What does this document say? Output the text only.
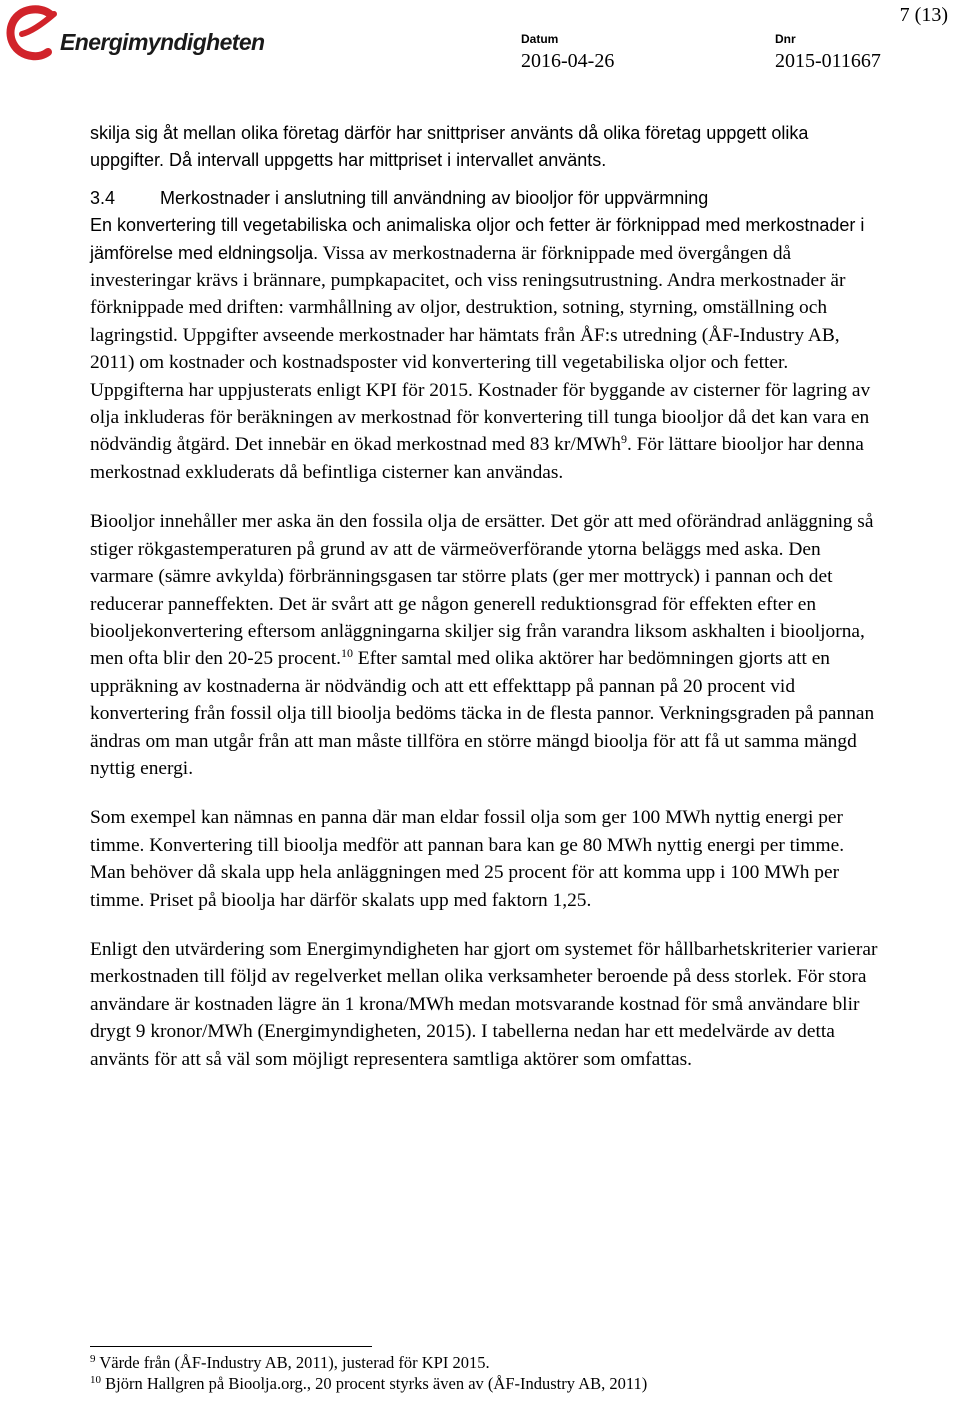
Energimyndigheten	Datum
2016-04-26
Dnr
2015-011667
7 (13)

skilja sig åt mellan olika företag därför har snittpriser använts då olika företag uppgett olika uppgifter. Då intervall uppgetts har mittpriset i intervallet använts.

3.4	Merkostnader i anslutning till användning av biooljor för uppvärmning

En konvertering till vegetabiliska och animaliska oljor och fetter är förknippad med merkostnader i jämförelse med eldningsolja. Vissa av merkostnaderna är förknippade med övergången då investeringar krävs i brännare, pumpkapacitet, och viss reningsutrustning. Andra merkostnader är förknippade med driften: varmhållning av oljor, destruktion, sotning, styrning, omställning och lagringstid. Uppgifter avseende merkostnader har hämtats från ÅF:s utredning (ÅF-Industry AB, 2011) om kostnader och kostnadsposter vid konvertering till vegetabiliska oljor och fetter. Uppgifterna har uppjusterats enligt KPI för 2015. Kostnader för byggande av cisterner för lagring av olja inkluderas för beräkningen av merkostnad för konvertering till tunga biooljor då det kan vara en nödvändig åtgärd. Det innebär en ökad merkostnad med 83 kr/MWh$^9$. För lättare biooljor har denna merkostnad exkluderats då befintliga cisterner kan användas.

Biooljor innehåller mer aska än den fossila olja de ersätter. Det gör att med oförändrad anläggning så stiger rökgastemperaturen på grund av att de värmeöverförande ytorna beläggs med aska. Den varmare (sämre avkylda) förbränningsgasen tar större plats (ger mer mottryck) i pannan och det reducerar panneffekten. Det är svårt att ge någon generell reduktionsgrad för effekten efter en biooljekonvertering eftersom anläggningarna skiljer sig från varandra liksom askhalten i biooljorna, men ofta blir den 20-25 procent.$^{10}$ Efter samtal med olika aktörer har bedömningen gjorts att en uppräkning av kostnaderna är nödvändig och att ett effekttapp på pannan på 20 procent vid konvertering från fossil olja till bioolja bedöms täcka in de flesta pannor. Verkningsgraden på pannan ändras om man utgår från att man måste tillföra en större mängd bioolja för att få ut samma mängd nyttig energi.

Som exempel kan nämnas en panna där man eldar fossil olja som ger 100 MWh nyttig energi per timme. Konvertering till bioolja medför att pannan bara kan ge 80 MWh nyttig energi per timme. Man behöver då skala upp hela anläggningen med 25 procent för att komma upp i 100 MWh per timme. Priset på bioolja har därför skalats upp med faktorn 1,25.

Enligt den utvärdering som Energimyndigheten har gjort om systemet för hållbarhetskriterier varierar merkostnaden till följd av regelverket mellan olika verksamheter beroende på dess storlek. För stora användare är kostnaden lägre än 1 krona/MWh medan motsvarande kostnad för små användare blir drygt 9 kronor/MWh (Energimyndigheten, 2015). I tabellerna nedan har ett medelvärde av detta använts för att så väl som möjligt representera samtliga aktörer som omfattas.

$^9$ Värde från (ÅF-Industry AB, 2011), justerad för KPI 2015.
$^{10}$ Björn Hallgren på Bioolja.org., 20 procent styrks även av (ÅF-Industry AB, 2011)
